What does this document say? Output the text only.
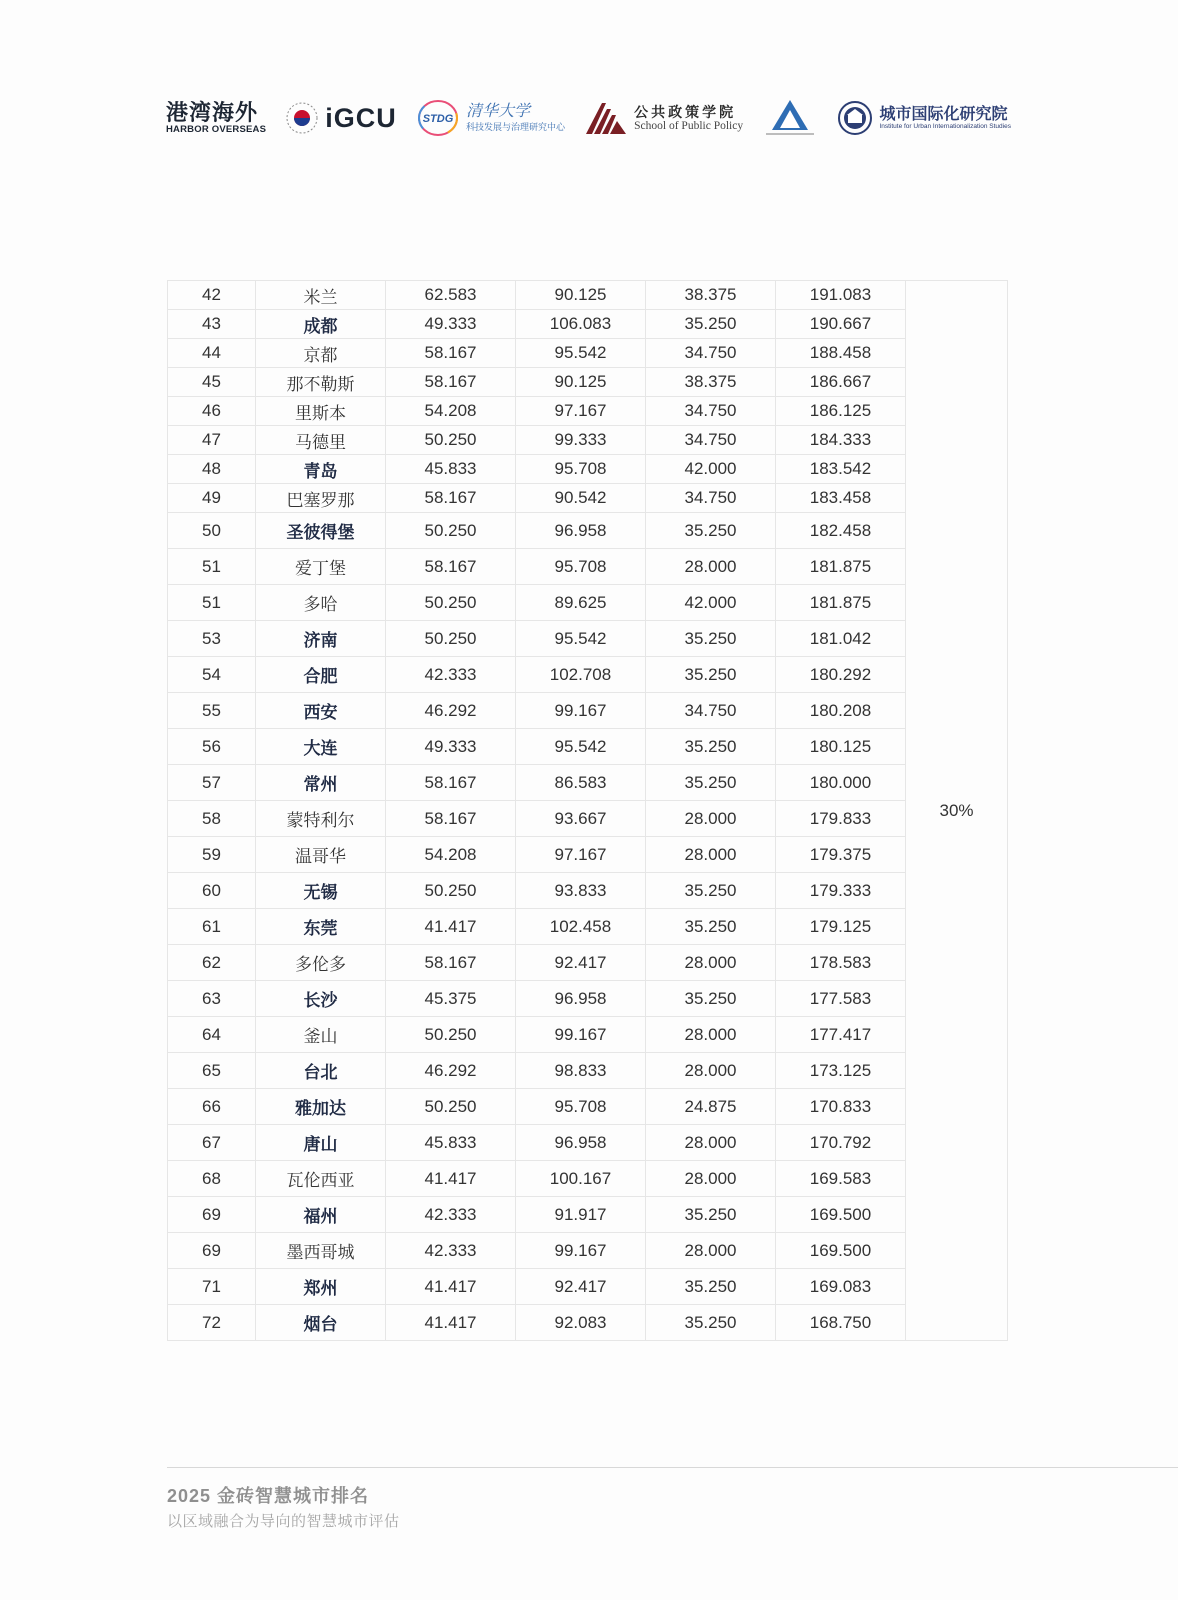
港湾海外
HARBOR OVERSEAS iGCU STDG 清华大学
科技发展与治理研究中心
公共政策学院
School of Public Policy
城市国际化研究院
Institute for Urban Internationalization Studies
42	米兰	62.583	90.125	38.375	191.083	30%
43	成都	49.333	106.083	35.250	190.667	
44	京都	58.167	95.542	34.750	188.458	
45	那不勒斯	58.167	90.125	38.375	186.667	
46	里斯本	54.208	97.167	34.750	186.125	
47	马德里	50.250	99.333	34.750	184.333	
48	青岛	45.833	95.708	42.000	183.542	
49	巴塞罗那	58.167	90.542	34.750	183.458	
50	圣彼得堡	50.250	96.958	35.250	182.458	
51	爱丁堡	58.167	95.708	28.000	181.875	
51	多哈	50.250	89.625	42.000	181.875	
53	济南	50.250	95.542	35.250	181.042	
54	合肥	42.333	102.708	35.250	180.292	
55	西安	46.292	99.167	34.750	180.208	
56	大连	49.333	95.542	35.250	180.125	
57	常州	58.167	86.583	35.250	180.000	
58	蒙特利尔	58.167	93.667	28.000	179.833	
59	温哥华	54.208	97.167	28.000	179.375	
60	无锡	50.250	93.833	35.250	179.333	
61	东莞	41.417	102.458	35.250	179.125	
62	多伦多	58.167	92.417	28.000	178.583	
63	长沙	45.375	96.958	35.250	177.583	
64	釜山	50.250	99.167	28.000	177.417	
65	台北	46.292	98.833	28.000	173.125	
66	雅加达	50.250	95.708	24.875	170.833	
67	唐山	45.833	96.958	28.000	170.792	
68	瓦伦西亚	41.417	100.167	28.000	169.583	
69	福州	42.333	91.917	35.250	169.500	
69	墨西哥城	42.333	99.167	28.000	169.500	
71	郑州	41.417	92.417	35.250	169.083	
72	烟台	41.417	92.083	35.250	168.750	
2025 金砖智慧城市排名
以区域融合为导向的智慧城市评估
